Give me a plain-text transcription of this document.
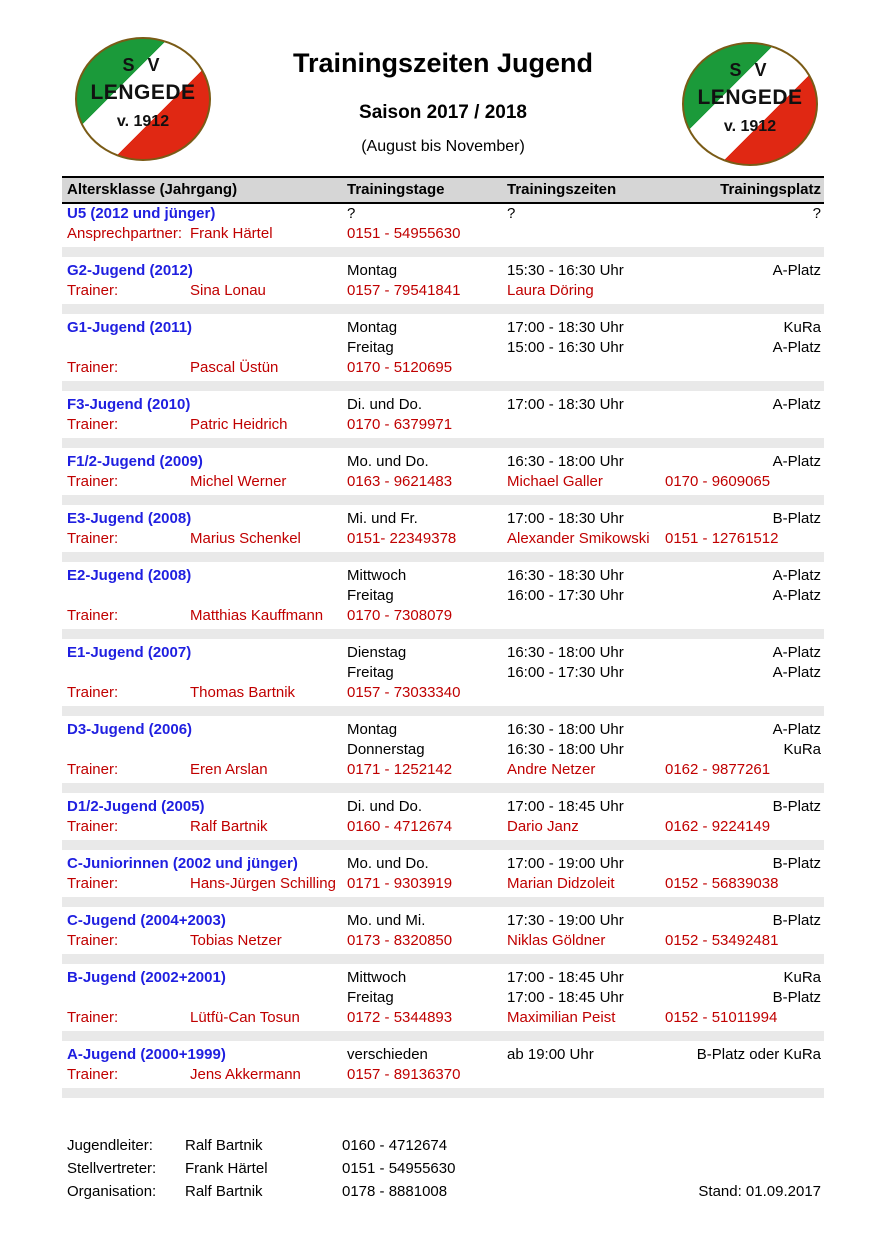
S V
LENGEDE
v. 1912
S V
LENGEDE
v. 1912
Trainingszeiten Jugend
Saison 2017 / 2018
(August bis November)
Altersklasse (Jahrgang)	Trainingstage	Trainingszeiten	Trainingsplatz
U5 (2012 und jünger)	?	?	?
Ansprechpartner: Frank Härtel	0151 - 54955630
G2-Jugend (2012)	Montag	15:30 - 16:30 Uhr	A-Platz
Trainer:	Sina Lonau	0157 - 79541841	Laura Döring
G1-Jugend (2011)	Montag	17:00 - 18:30 Uhr	KuRa
Freitag	15:00 - 16:30 Uhr	A-Platz
Trainer:	Pascal Üstün	0170 - 5120695
F3-Jugend (2010)	Di. und Do.	17:00 - 18:30 Uhr	A-Platz
Trainer:	Patric Heidrich	0170 - 6379971
F1/2-Jugend (2009)	Mo. und Do.	16:30 - 18:00 Uhr	A-Platz
Trainer:	Michel Werner	0163 - 9621483	Michael Galler	0170 - 9609065
E3-Jugend (2008)	Mi. und Fr.	17:00 - 18:30 Uhr	B-Platz
Trainer:	Marius Schenkel	0151- 22349378	Alexander Smikowski	0151 - 12761512
E2-Jugend (2008)	Mittwoch	16:30 - 18:30 Uhr	A-Platz
Freitag	16:00 - 17:30 Uhr	A-Platz
Trainer:	Matthias Kauffmann	0170 - 7308079
E1-Jugend (2007)	Dienstag	16:30 - 18:00 Uhr	A-Platz
Freitag	16:00 - 17:30 Uhr	A-Platz
Trainer:	Thomas Bartnik	0157 - 73033340
D3-Jugend (2006)	Montag	16:30 - 18:00 Uhr	A-Platz
Donnerstag	16:30 - 18:00 Uhr	KuRa
Trainer:	Eren Arslan	0171 - 1252142	Andre Netzer	0162 - 9877261
D1/2-Jugend (2005)	Di. und Do.	17:00 - 18:45 Uhr	B-Platz
Trainer:	Ralf Bartnik	0160 - 4712674	Dario Janz	0162 - 9224149
C-Juniorinnen (2002 und jünger)	Mo. und Do.	17:00 - 19:00 Uhr	B-Platz
Trainer:	Hans-Jürgen Schilling 0171 - 9303919	Marian Didzoleit	0152 - 56839038
C-Jugend (2004+2003)	Mo. und Mi.	17:30 - 19:00 Uhr	B-Platz
Trainer:	Tobias Netzer	0173 - 8320850	Niklas Göldner	0152 - 53492481
B-Jugend (2002+2001)	Mittwoch	17:00 - 18:45 Uhr	KuRa
Freitag	17:00 - 18:45 Uhr	B-Platz
Trainer:	Lütfü-Can Tosun	0172 - 5344893	Maximilian Peist	0152 - 51011994
A-Jugend (2000+1999)	verschieden	ab 19:00 Uhr	B-Platz oder KuRa
Trainer:	Jens Akkermann	0157 - 89136370
Jugendleiter:	Ralf Bartnik	0160 - 4712674
Stellvertreter:	Frank Härtel	0151 - 54955630
Organisation:	Ralf Bartnik	0178 - 8881008	Stand: 01.09.2017
